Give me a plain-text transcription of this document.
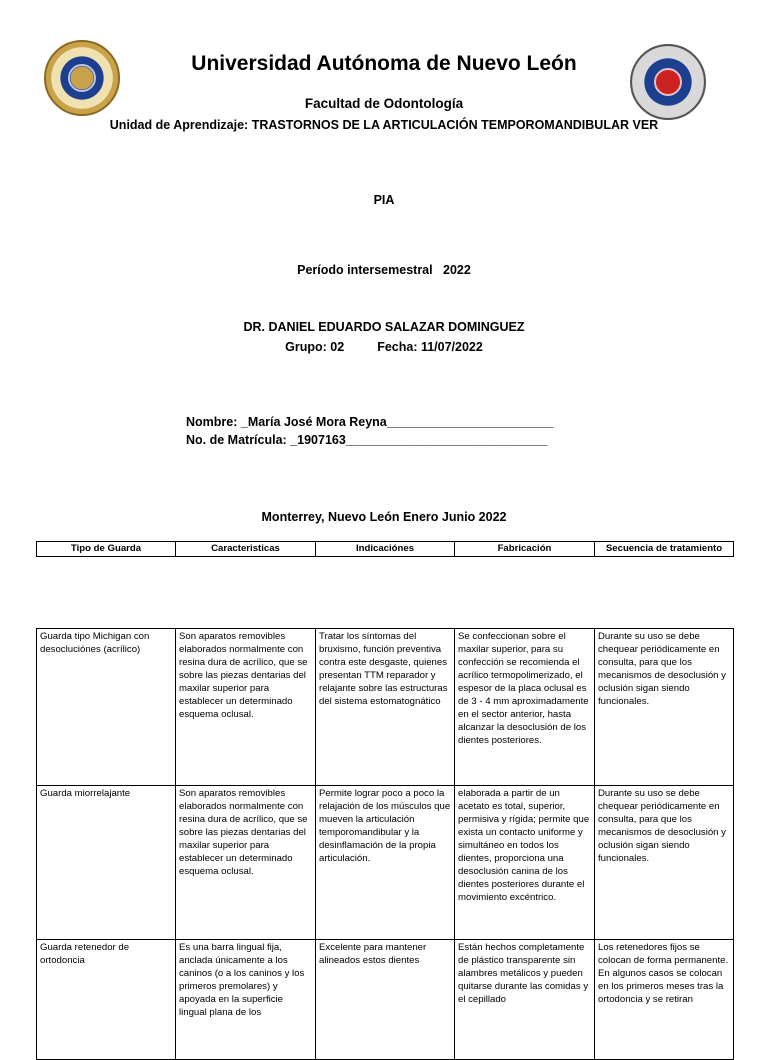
Universidad Autónoma de Nuevo León
Facultad de Odontología
Unidad de Aprendizaje: TRASTORNOS DE LA ARTICULACIÓN TEMPOROMANDIBULAR VER
PIA
Período intersemestral   2022
DR. DANIEL EDUARDO SALAZAR DOMINGUEZ
Grupo: 02	Fecha: 11/07/2022
Nombre: _María José Mora Reyna________________________
No. de Matrícula: _1907163_____________________________
Monterrey, Nuevo León Enero Junio 2022
Tipo de Guarda	Caracteristicas	Indicaciónes	Fabricación	Secuencia de tratamiento
Guarda tipo Michigan con desocluciónes (acrílico)	Son aparatos removibles elaborados normalmente con resina dura de acrílico, que se sobre las piezas dentarias del maxilar superior para establecer un determinado esquema oclusal.	Tratar los síntomas del bruxismo, función preventiva contra este desgaste, quienes presentan TTM reparador y relajante sobre las estructuras del sistema estomatognático	Se confeccionan sobre el maxilar superior, para su confección se recomienda el acrílico termopolimerizado, el espesor de la placa oclusal es de 3 - 4 mm aproximadamente en el sector anterior, hasta alcanzar la desoclusión de los dientes posteriores.	Durante su uso se debe chequear periódicamente en consulta, para que los mecanismos de desoclusión y oclusión sigan siendo funcionales.
Guarda miorrelajante	Son aparatos removibles elaborados normalmente con resina dura de acrílico, que se sobre las piezas dentarias del maxilar superior para establecer un determinado esquema oclusal.	Permite lograr poco a poco la relajación de los músculos que mueven la articulación temporomandibular y la desinflamación de la propia articulación.	elaborada a partir de un acetato es total, superior, permisiva y rígida; permite que exista un contacto uniforme y simultáneo en todos los dientes, proporciona una desoclusión canina de los dientes posteriores durante el movimiento excéntrico.	Durante su uso se debe chequear periódicamente en consulta, para que los mecanismos de desoclusión y oclusión sigan siendo funcionales.
Guarda retenedor de ortodoncia	Es una barra lingual fija, anclada únicamente a los caninos (o a los caninos y los primeros premolares) y apoyada en la superficie lingual plana de los	Excelente para mantener alineados estos dientes	Están hechos completamente de plástico transparente sin alambres metálicos y pueden quitarse durante las comidas y el cepillado	Los retenedores fijos se colocan de forma permanente. En algunos casos se colocan en los primeros meses tras la ortodoncia y se retiran
